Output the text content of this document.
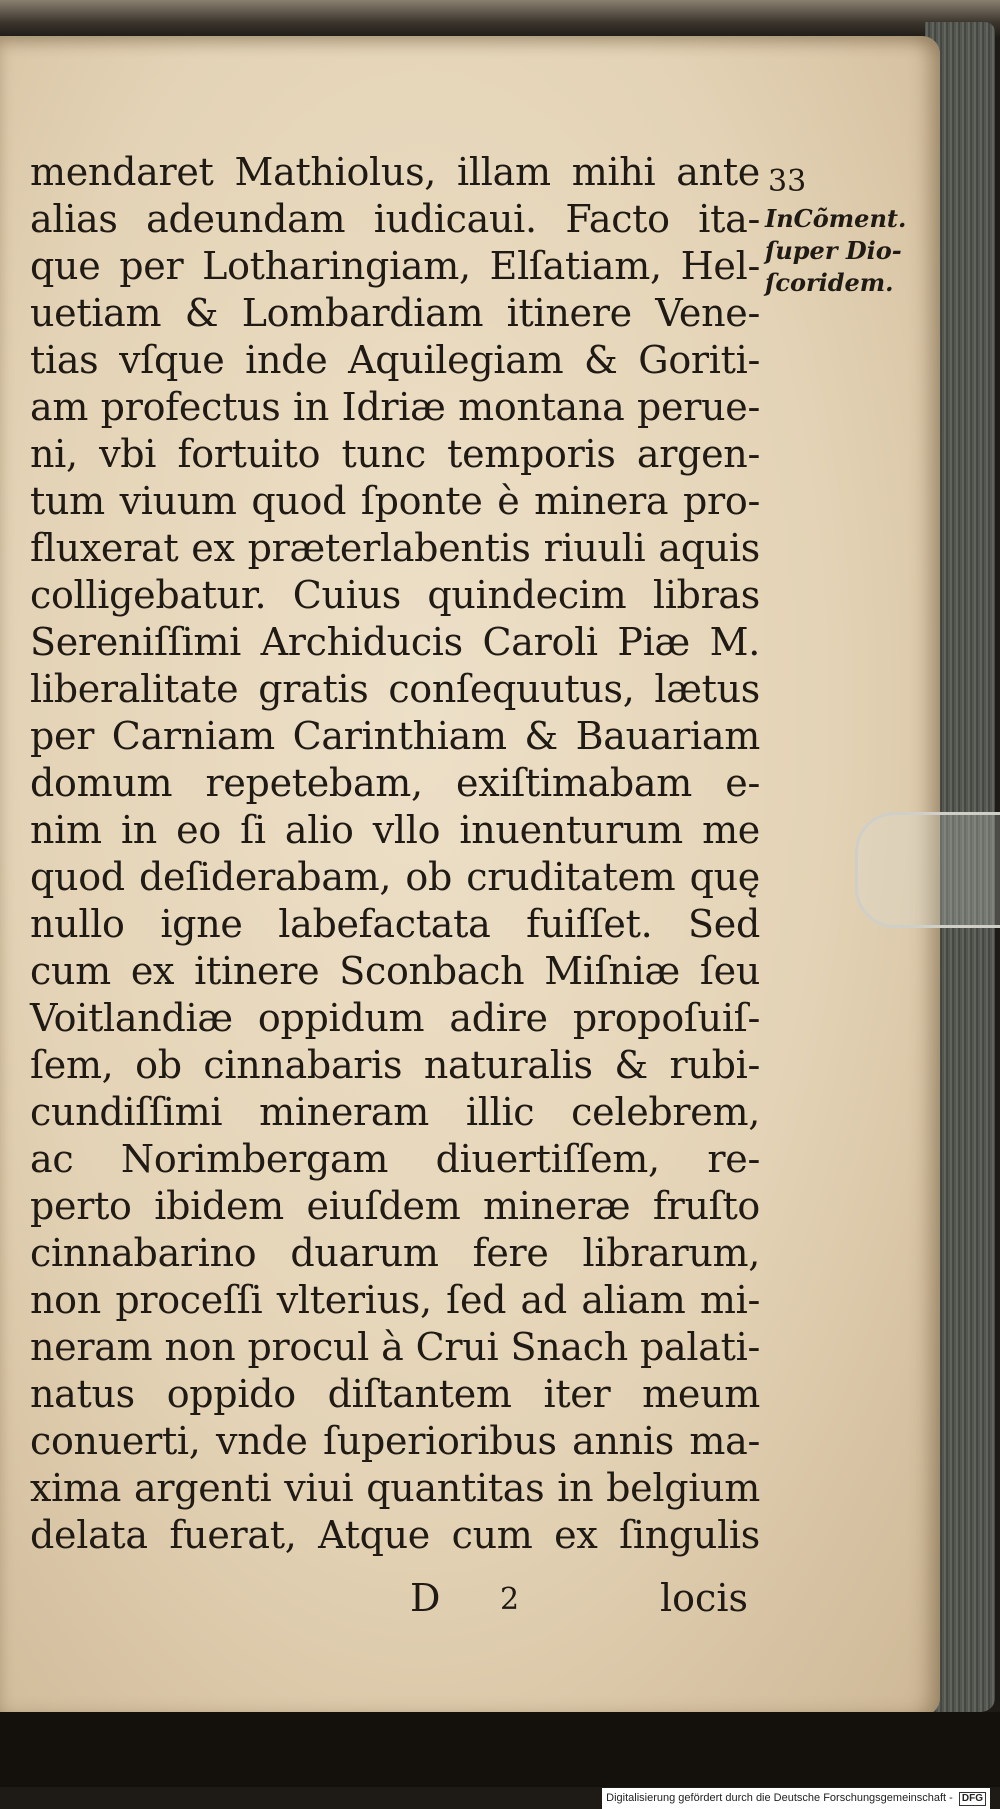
33
InCõment.
ſuper Dio-
ſcoridem.
mendaret Mathiolus, illam mihi ante
alias adeundam iudicaui. Facto ita-
que per Lotharingiam, Elſatiam, Hel-
uetiam & Lombardiam itinere Vene-
tias vſque inde Aquilegiam & Goriti-
am profectus in Idriæ montana perue-
ni, vbi fortuito tunc temporis argen-
tum viuum quod ſponte è minera pro-
fluxerat ex præterlabentis riuuli aquis
colligebatur. Cuius quindecim libras
Sereniſſimi Archiducis Caroli Piæ M.
liberalitate gratis conſequutus, lætus
per Carniam Carinthiam & Bauariam
domum repetebam, exiſtimabam e-
nim in eo ſi alio vllo inuenturum me
quod deſiderabam, ob cruditatem quę
nullo igne labefactata fuiſſet. Sed
cum ex itinere Sconbach Miſniæ ſeu
Voitlandiæ oppidum adire propoſuiſ-
ſem, ob cinnabaris naturalis & rubi-
cundiſſimi mineram illic celebrem,
ac Norimbergam diuertiſſem, re-
perto ibidem eiuſdem mineræ fruſto
cinnabarino duarum fere librarum,
non proceſſi vlterius, ſed ad aliam mi-
neram non procul à Crui Snach palati-
natus oppido diſtantem iter meum
conuerti, vnde ſuperioribus annis ma-
xima argenti viui quantitas in belgium
delata fuerat, Atque cum ex ſingulis
D 2	locis
Digitalisierung gefördert durch die Deutsche Forschungsgemeinschaft - DFG
